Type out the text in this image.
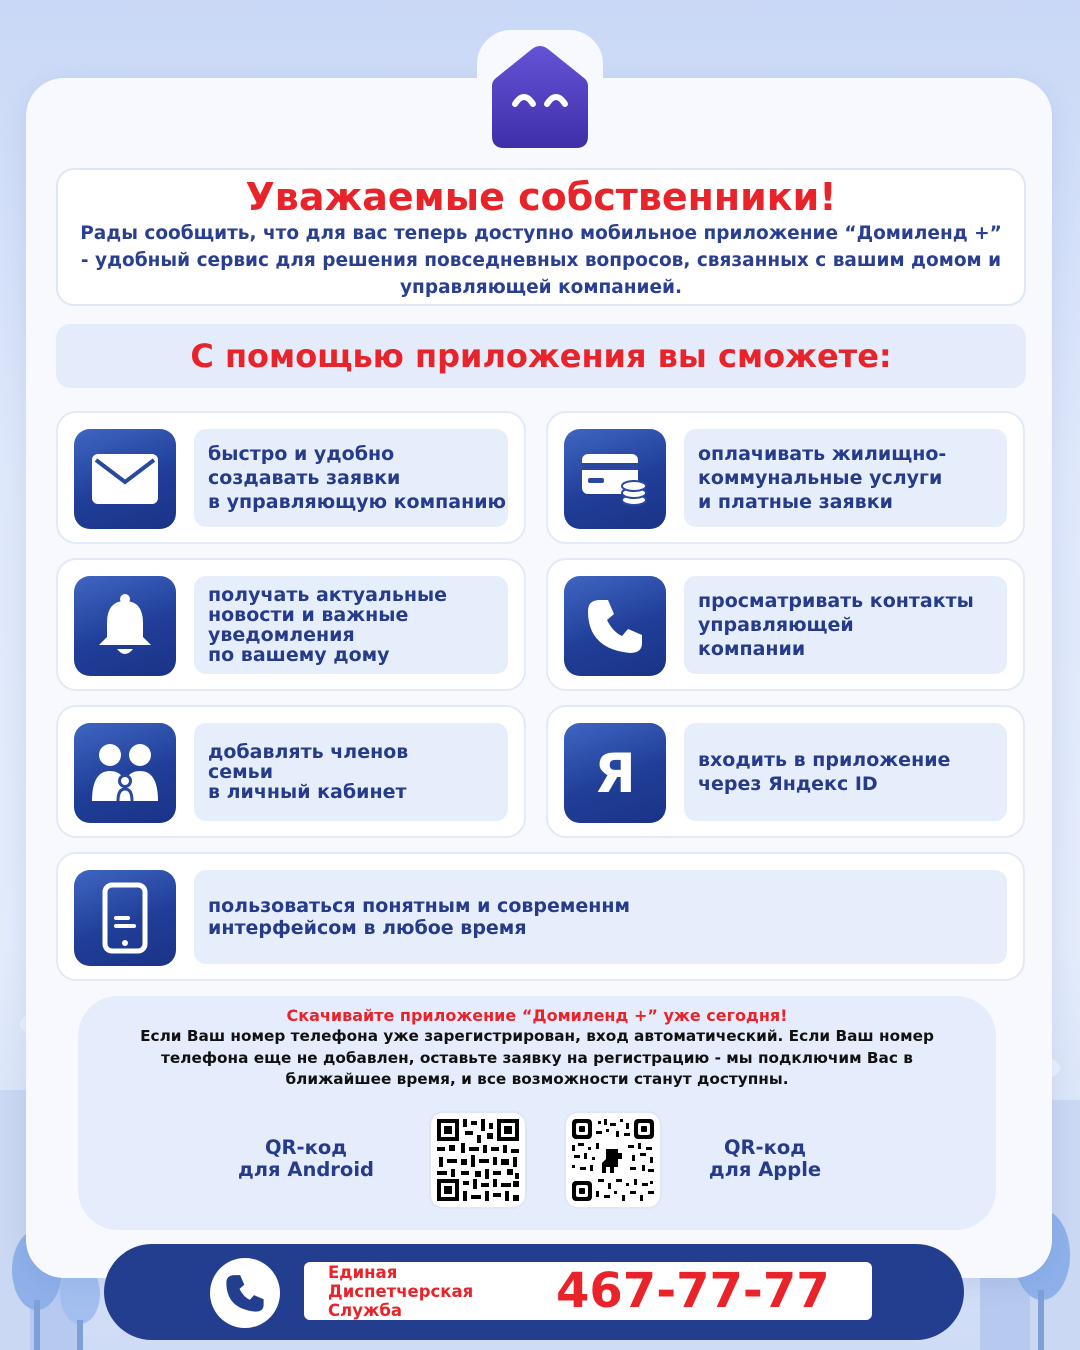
Уважаемые собственники!

Рады сообщить, что для вас теперь доступно мобильное приложение “Домиленд +” - удобный сервис для решения повседневных вопросов, связанных с вашим домом и управляющей компанией.

С помощью приложения вы сможете:
быстро и удобно
создавать заявки
в управляющую компанию
оплачивать жилищно-
коммунальные услуги
и платные заявки
получать актуальные
новости и важные
уведомления
по вашему дому
просматривать контакты
управляющей
компании
добавлять членов
семьи
в личный кабинет	Я	входить в приложение
через Яндекс ID
пользоваться понятным и современнм
интерфейсом в любое время
Скачивайте приложение “Домиленд +” уже сегодня!
Если Ваш номер телефона уже зарегистрирован, вход автоматический. Если Ваш номер телефона еще не добавлен, оставьте заявку на регистрацию - мы подключим Вас в ближайшее время, и все возможности станут доступны.
QR-код
для Android
QR-код
для Apple
Единая
Диспетчерская
Служба	467-77-77
